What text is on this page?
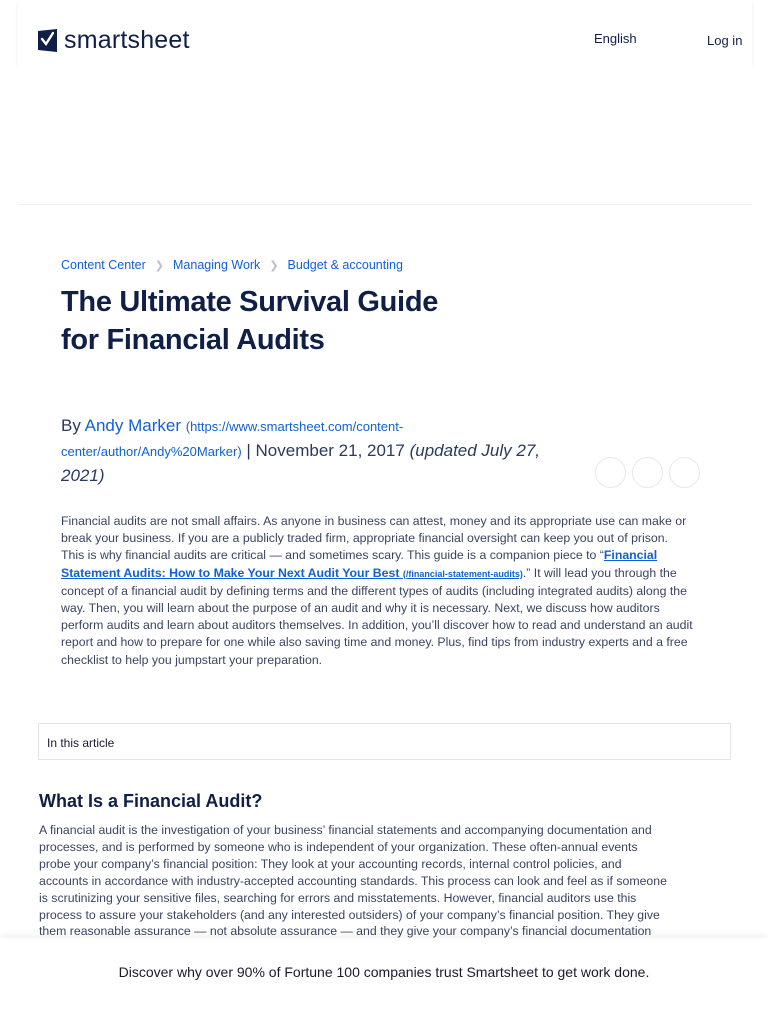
smartsheet	English	Log in
Content Center ❯ Managing Work ❯ Budget & accounting
The Ultimate Survival Guide for Financial Audits
By Andy Marker (https://www.smartsheet.com/content-center/author/Andy%20Marker) | November 21, 2017 (updated July 27, 2021)

Financial audits are not small affairs. As anyone in business can attest, money and its appropriate use can make or break your business. If you are a publicly traded firm, appropriate financial oversight can keep you out of prison. This is why financial audits are critical — and sometimes scary. This guide is a companion piece to “Financial Statement Audits: How to Make Your Next Audit Your Best (/financial-statement-audits).” It will lead you through the concept of a financial audit by defining terms and the different types of audits (including integrated audits) along the way. Then, you will learn about the purpose of an audit and why it is necessary. Next, we discuss how auditors perform audits and learn about auditors themselves. In addition, you’ll discover how to read and understand an audit report and how to prepare for one while also saving time and money. Plus, find tips from industry experts and a free checklist to help you jumpstart your preparation.

In this article
What Is a Financial Audit?

A financial audit is the investigation of your business’ financial statements and accompanying documentation and processes, and is performed by someone who is independent of your organization. These often-annual events probe your company’s financial position: They look at your accounting records, internal control policies, and accounts in accordance with industry-accepted accounting standards. This process can look and feel as if someone is scrutinizing your sensitive files, searching for errors and misstatements. However, financial auditors use this process to assure your stakeholders (and any interested outsiders) of your company’s financial position. They give them reasonable assurance — not absolute assurance — and they give your company’s financial documentation

Discover why over 90% of Fortune 100 companies trust Smartsheet to get work done.
